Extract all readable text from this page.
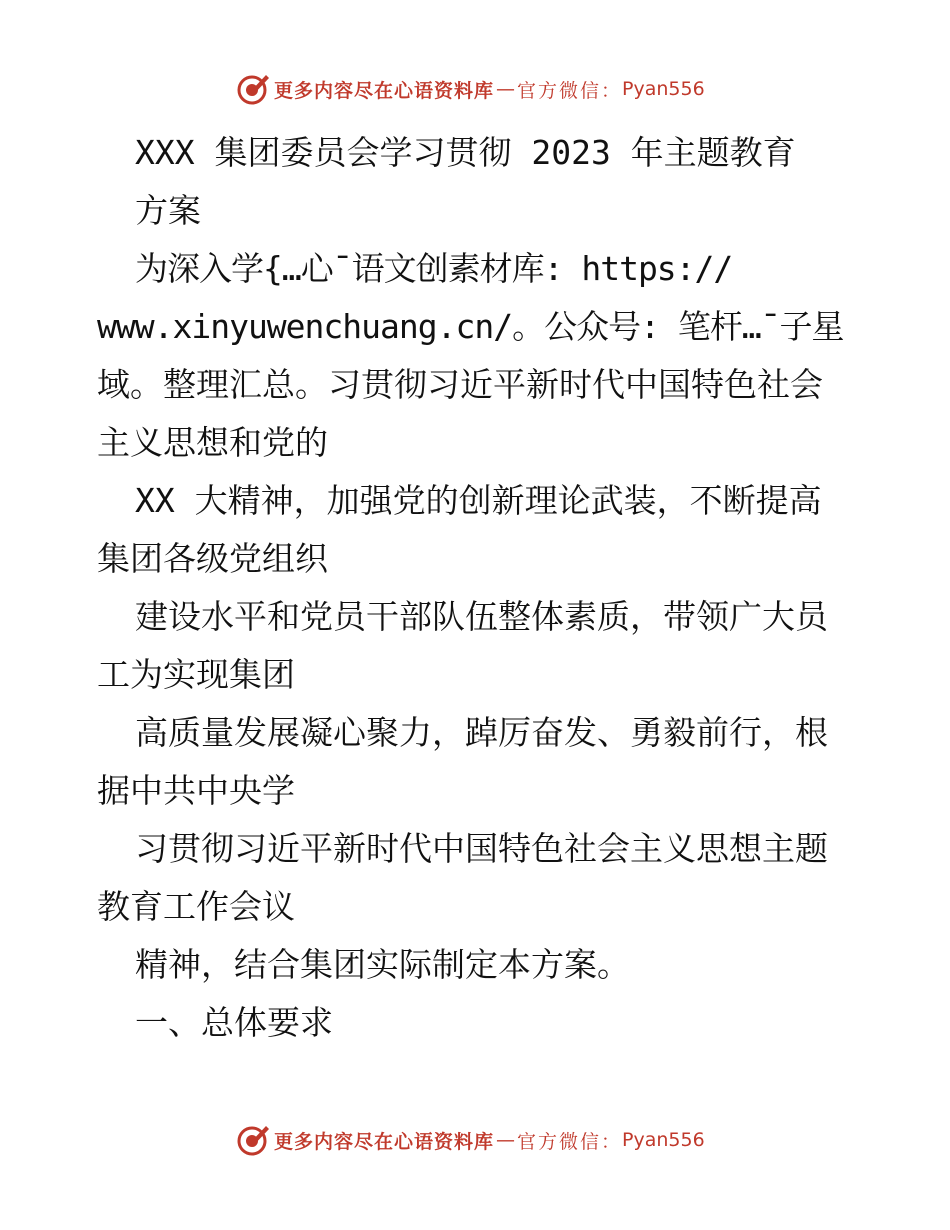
更多内容尽在心语资料库 — 官方微信： Pyan556
XXX 集团委员会学习贯彻 2023 年主题教育
方案
为深入学{…心¯语文创素材库: https://
www.xinyuwenchuang.cn/。公众号: 笔杆…¯子星
域。整理汇总。习贯彻习近平新时代中国特色社会
主义思想和党的
XX 大精神，加强党的创新理论武装，不断提高
集团各级党组织
建设水平和党员干部队伍整体素质，带领广大员
工为实现集团
高质量发展凝心聚力，踔厉奋发、勇毅前行，根
据中共中央学
习贯彻习近平新时代中国特色社会主义思想主题
教育工作会议
精神，结合集团实际制定本方案。
一、总体要求
更多内容尽在心语资料库 — 官方微信： Pyan556
